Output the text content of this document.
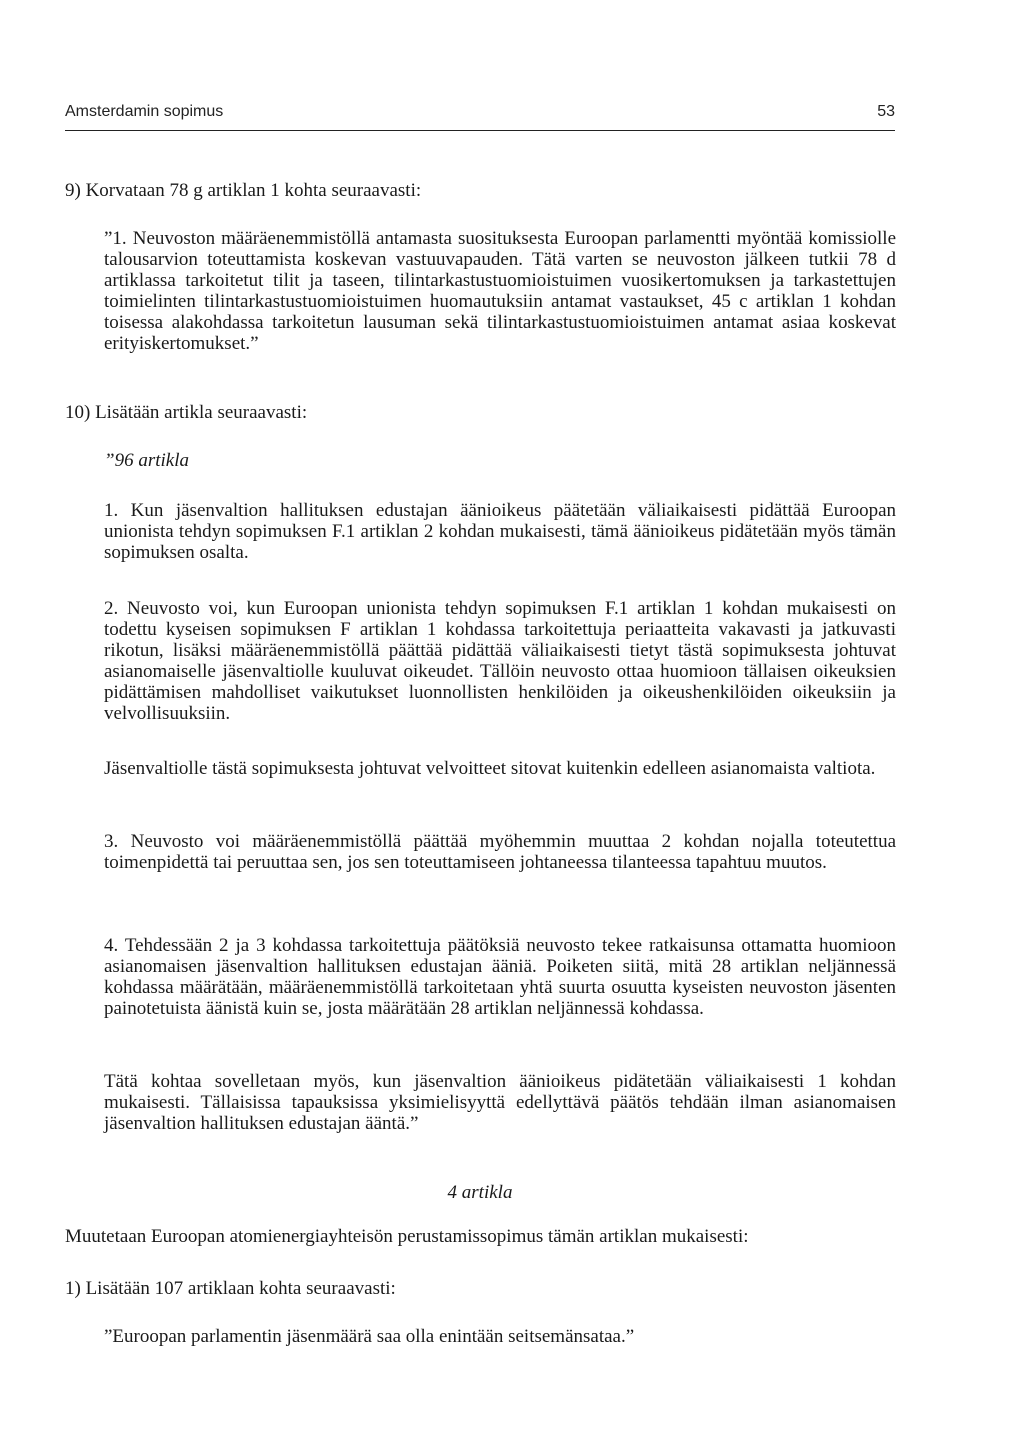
Amsterdamin sopimus	53
9) Korvataan 78 g artiklan 1 kohta seuraavasti:
”1. Neuvoston määräenemmistöllä antamasta suosituksesta Euroopan parlamentti myöntää komissiolle talousarvion toteuttamista koskevan vastuuvapauden. Tätä varten se neuvoston jälkeen tutkii 78 d artiklassa tarkoitetut tilit ja taseen, tilintarkastustuomioistuimen vuosikertomuksen ja tarkastettujen toimielinten tilintarkastustuomioistuimen huomautuksiin antamat vastaukset, 45 c artiklan 1 kohdan toisessa alakohdassa tarkoitetun lausuman sekä tilintarkastustuomioistuimen antamat asiaa koskevat erityiskertomukset.”
10) Lisätään artikla seuraavasti:
”96 artikla
1. Kun jäsenvaltion hallituksen edustajan äänioikeus päätetään väliaikaisesti pidättää Euroopan unionista tehdyn sopimuksen F.1 artiklan 2 kohdan mukaisesti, tämä äänioikeus pidätetään myös tämän sopimuksen osalta.
2. Neuvosto voi, kun Euroopan unionista tehdyn sopimuksen F.1 artiklan 1 kohdan mukaisesti on todettu kyseisen sopimuksen F artiklan 1 kohdassa tarkoitettuja periaatteita vakavasti ja jatkuvasti rikotun, lisäksi määräenemmistöllä päättää pidättää väliaikaisesti tietyt tästä sopimuksesta johtuvat asianomaiselle jäsenvaltiolle kuuluvat oikeudet. Tällöin neuvosto ottaa huomioon tällaisen oikeuksien pidättämisen mahdolliset vaikutukset luonnollisten henkilöiden ja oikeushenkilöiden oikeuksiin ja velvollisuuksiin.
Jäsenvaltiolle tästä sopimuksesta johtuvat velvoitteet sitovat kuitenkin edelleen asianomaista valtiota.
3. Neuvosto voi määräenemmistöllä päättää myöhemmin muuttaa 2 kohdan nojalla toteutettua toimenpidettä tai peruuttaa sen, jos sen toteuttamiseen johtaneessa tilanteessa tapahtuu muutos.
4. Tehdessään 2 ja 3 kohdassa tarkoitettuja päätöksiä neuvosto tekee ratkaisunsa ottamatta huomioon asianomaisen jäsenvaltion hallituksen edustajan ääniä. Poiketen siitä, mitä 28 artiklan neljännessä kohdassa määrätään, määräenemmistöllä tarkoitetaan yhtä suurta osuutta kyseisten neuvoston jäsenten painotetuista äänistä kuin se, josta määrätään 28 artiklan neljännessä kohdassa.
Tätä kohtaa sovelletaan myös, kun jäsenvaltion äänioikeus pidätetään väliaikaisesti 1 kohdan mukaisesti. Tällaisissa tapauksissa yksimielisyyttä edellyttävä päätös tehdään ilman asianomaisen jäsenvaltion hallituksen edustajan ääntä.”
4 artikla
Muutetaan Euroopan atomienergiayhteisön perustamissopimus tämän artiklan mukaisesti:
1) Lisätään 107 artiklaan kohta seuraavasti:
”Euroopan parlamentin jäsenmäärä saa olla enintään seitsemänsataa.”
